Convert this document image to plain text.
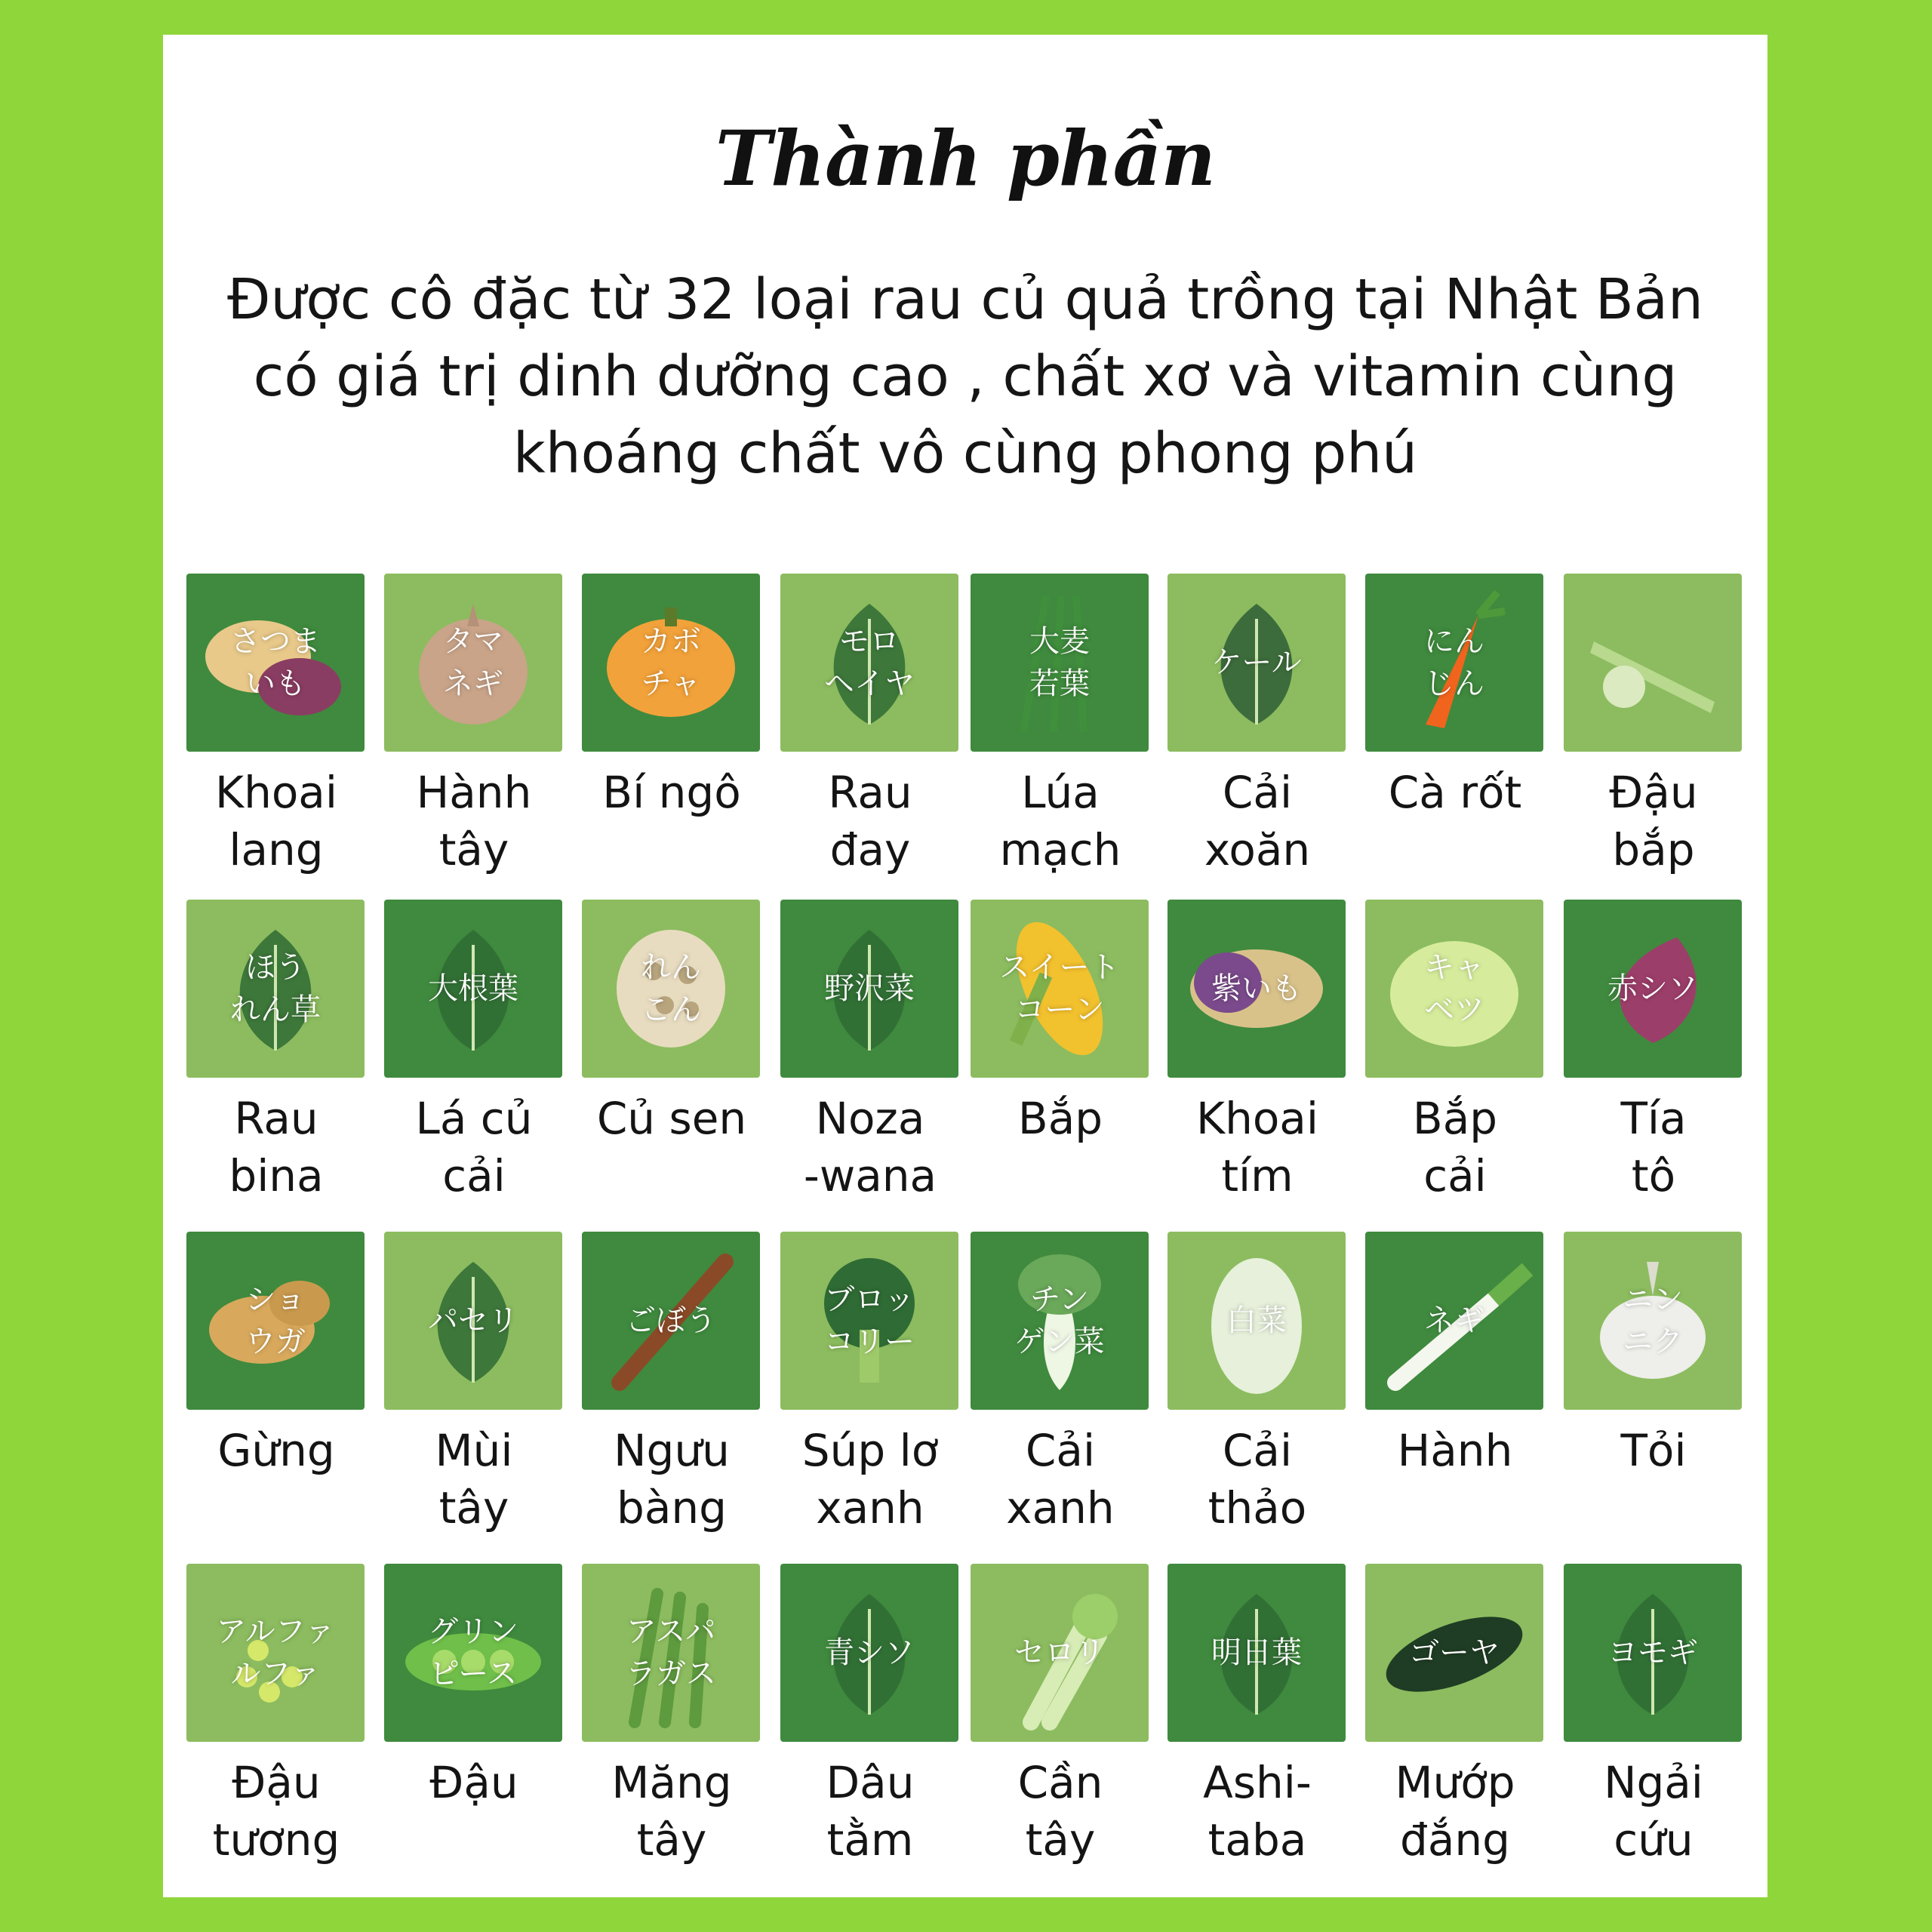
Thành phần
Được cô đặc từ 32 loại rau củ quả trồng tại Nhật Bản có giá trị dinh dưỡng cao , chất xơ và vitamin cùng khoáng chất vô cùng phong phú
さつま
いも
Khoai
lang
タマ
ネギ
Hành
tây
カボ
チャ
Bí ngô
モロ
ヘイヤ
Rau
đay
大麦
若葉
Lúa
mạch
ケール
Cải
xoăn
にん
じん
Cà rốt	Đậu
bắp
ほう
れん草
Rau
bina
大根葉
Lá củ
cải
れん
こん
Củ sen
野沢菜
Noza
-wana
スイート
コーン
Bắp
紫いも
Khoai
tím
キャ
ベツ
Bắp
cải
赤シソ
Tía
tô
ショ
ウガ
Gừng
パセリ
Mùi
tây
ごぼう
Ngưu
bàng
ブロッ
コリー
Súp lơ
xanh
チン
ゲン菜
Cải
xanh
白菜
Cải
thảo
ネギ
Hành
ニン
ニク
Tỏi
アルファ
ルファ
Đậu
tương
グリン
ピース
Đậu
アスパ
ラガス
Măng
tây
青シソ
Dâu
tằm
セロリ
Cần
tây
明日葉
Ashi-
taba
ゴーヤ
Mướp
đắng
ヨモギ
Ngải
cứu
